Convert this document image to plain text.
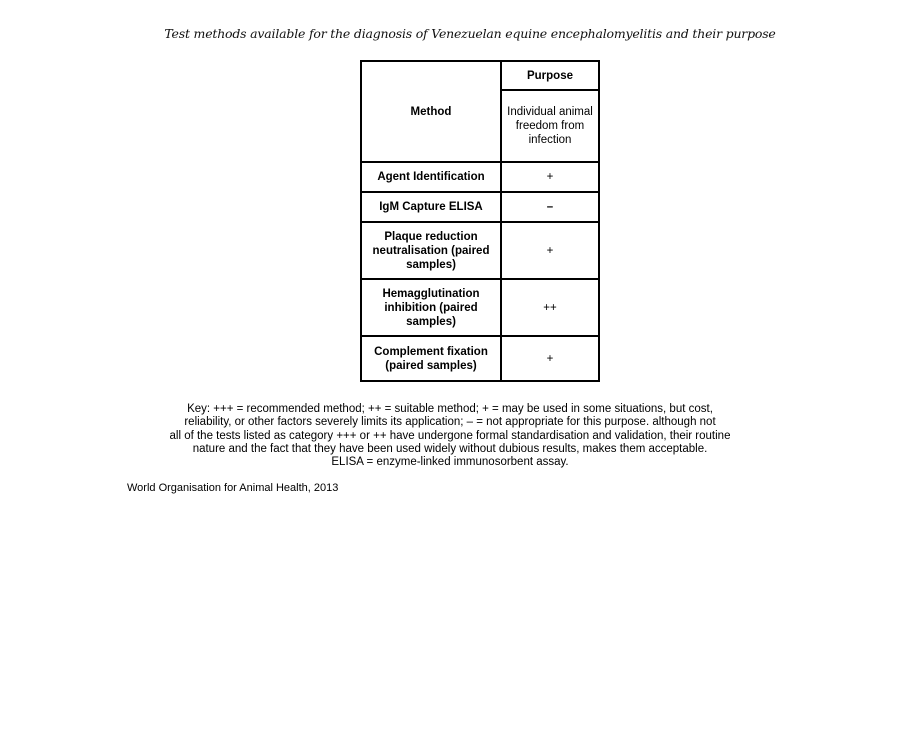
Test methods available for the diagnosis of Venezuelan equine encephalomyelitis and their purpose
Method	Purpose
	Individual animal freedom from infection
Agent Identification	+
IgM Capture ELISA	–
Plaque reduction neutralisation (paired samples)	+
Hemagglutination inhibition (paired samples)	++
Complement fixation (paired samples)	+
Key: +++ = recommended method; ++ = suitable method; + = may be used in some situations, but cost,
reliability, or other factors severely limits its application; – = not appropriate for this purpose. although not
all of the tests listed as category +++ or ++ have undergone formal standardisation and validation, their routine
nature and the fact that they have been used widely without dubious results, makes them acceptable.
ELISA = enzyme-linked immunosorbent assay.
World Organisation for Animal Health, 2013
